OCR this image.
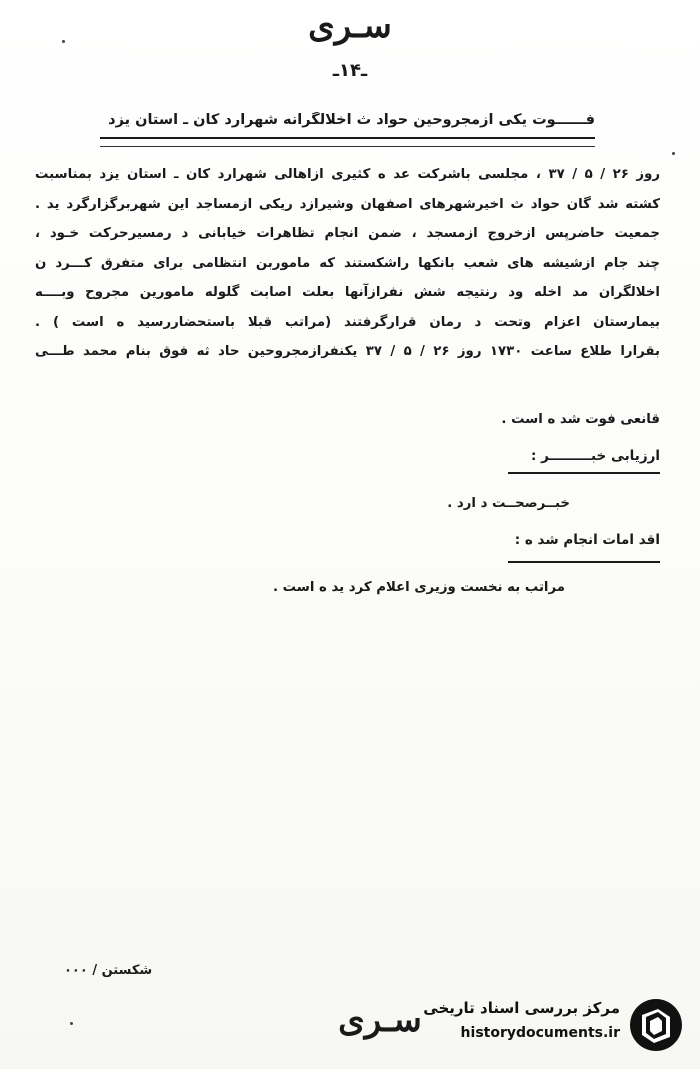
سـری
ـ۱۴ـ
فــــــوت یکی ازمجروحین حواد ث اخلالگرانه شهرارد کان ـ استان یزد
روز ۲۶ / ۵ / ۳۷ ، مجلسی باشرکت عد ه کثیری ازاهالی شهرارد کان ـ استان یزد بمناسبت
کشته شد گان حواد ث اخیرشهرهای اصفهان وشیرازد ریکی ازمساجد این شهربرگزارگرد ید .
جمعیت حاضرپس ازخروج ازمسجد ، ضمن انجام تظاهرات خیابانی د رمسیرحرکت خـود ،
چند جام ازشیشه های شعب بانکها راشکستند که ماموربن انتظامی برای متفرق کـــرد ن
اخلالگران مد اخله ود رنتیجه شش نفرازآنها بعلت اصابت گلوله مامورین مجروح وبــــه
بیمارستان اعزام وتحت د رمان قرارگرفتند (مراتب قبلا باستحضاررسید ه است ) .
بقرارا طلاع ساعت ۱۷۳۰ روز ۲۶ / ۵ / ۳۷ یکنفرازمجروحین حاد ثه فوق بنام محمد طـــی
قانعی فوت شد ه است .
ارزیابی خبـــــــــر :
خبــرصحــت د ارد .
اقد امات انجام شد ه :
مراتب به نخست وزیری اعلام کرد ید ه است .
شکستن / ۰۰۰
سـری مرکز بررسی اسناد تاریخی
historydocuments.ir
